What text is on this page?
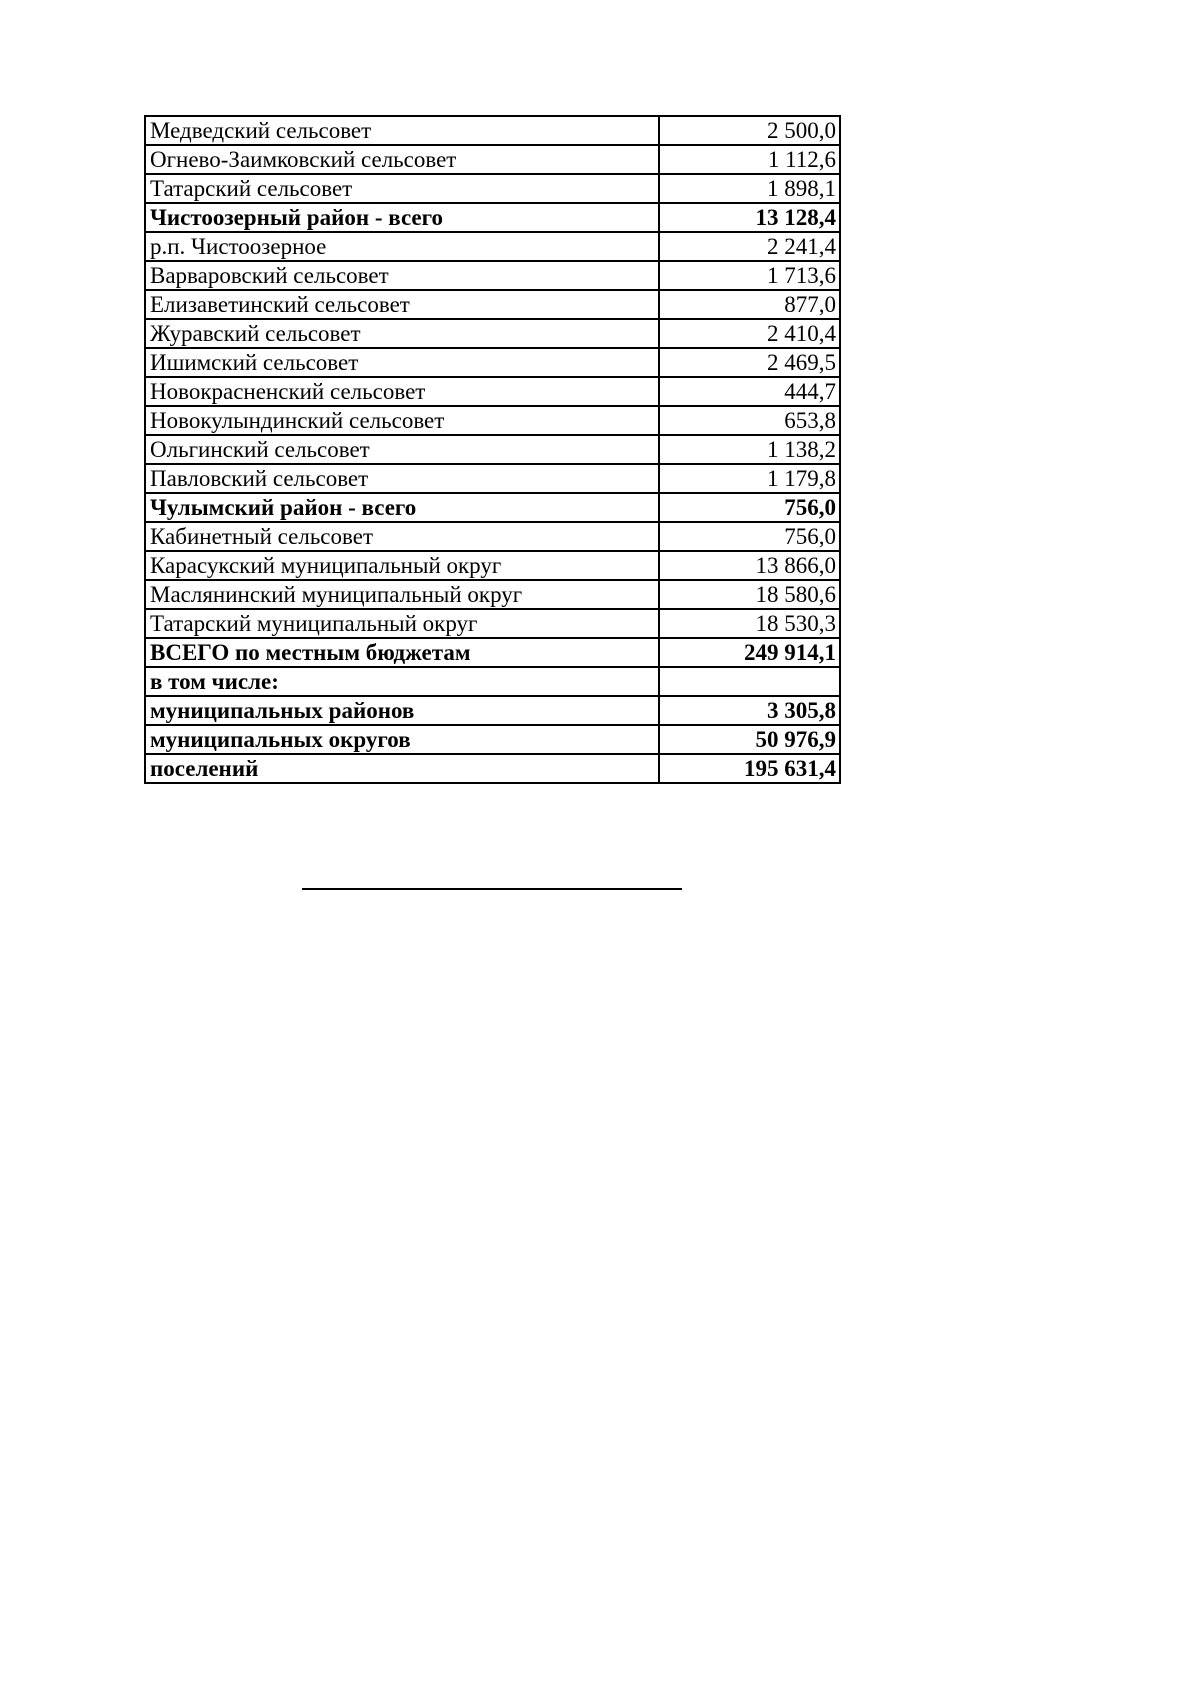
Медведский сельсовет	2 500,0
Огнево-Заимковский сельсовет	1 112,6
Татарский сельсовет	1 898,1
Чистоозерный район - всего	13 128,4
р.п. Чистоозерное	2 241,4
Варваровский сельсовет	1 713,6
Елизаветинский сельсовет	877,0
Журавский сельсовет	2 410,4
Ишимский сельсовет	2 469,5
Новокрасненский сельсовет	444,7
Новокулындинский сельсовет	653,8
Ольгинский сельсовет	1 138,2
Павловский сельсовет	1 179,8
Чулымский район - всего	756,0
Кабинетный сельсовет	756,0
Карасукский муниципальный округ	13 866,0
Маслянинский муниципальный округ	18 580,6
Татарский муниципальный округ	18 530,3
ВСЕГО по местным бюджетам	249 914,1
в том числе:	
муниципальных районов	3 305,8
муниципальных округов	50 976,9
поселений	195 631,4
